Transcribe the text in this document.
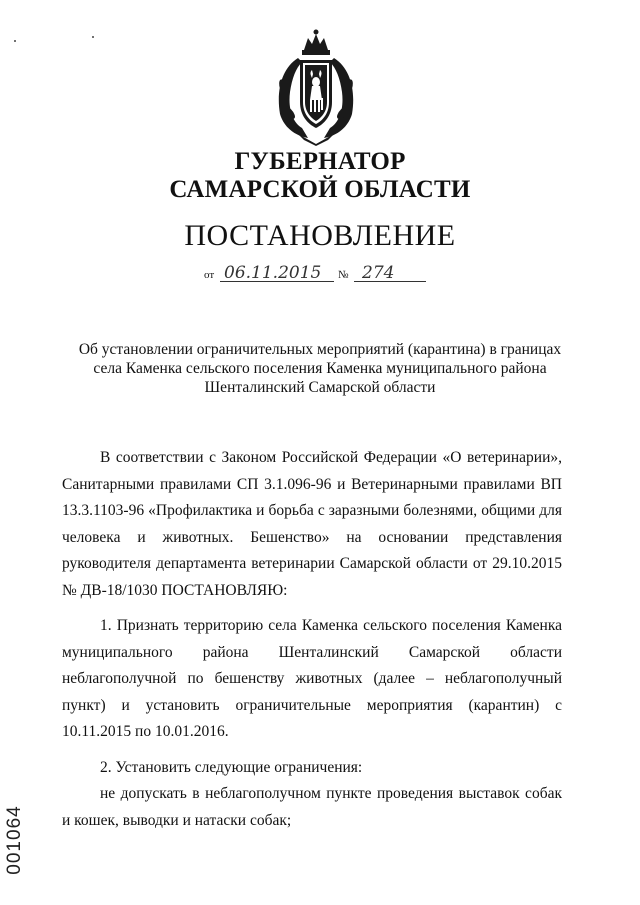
ГУБЕРНАТОР
САМАРСКОЙ ОБЛАСТИ
ПОСТАНОВЛЕНИЕ
от 06.11.2015 № 274
Об установлении ограничительных мероприятий (карантина) в границах
села Каменка сельского поселения Каменка муниципального района
Шенталинский Самарской области

В соответствии с Законом Российской Федерации «О ветеринарии», Санитарными правилами СП 3.1.096-96 и Ветеринарными правилами ВП 13.3.1103-96 «Профилактика и борьба с заразными болезнями, общими для человека и животных. Бешенство» на основании представления руководителя департамента ветеринарии Самарской области от 29.10.2015 № ДВ-18/1030 ПОСТАНОВЛЯЮ:

1. Признать территорию села Каменка сельского поселения Каменка муниципального района Шенталинский Самарской области неблагополучной по бешенству животных (далее – неблагополучный пункт) и установить ограничительные мероприятия (карантин) с 10.11.2015 по 10.01.2016.

2. Установить следующие ограничения:

не допускать в неблагополучном пункте проведения выставок собак и кошек, выводки и натаски собак;

001064
